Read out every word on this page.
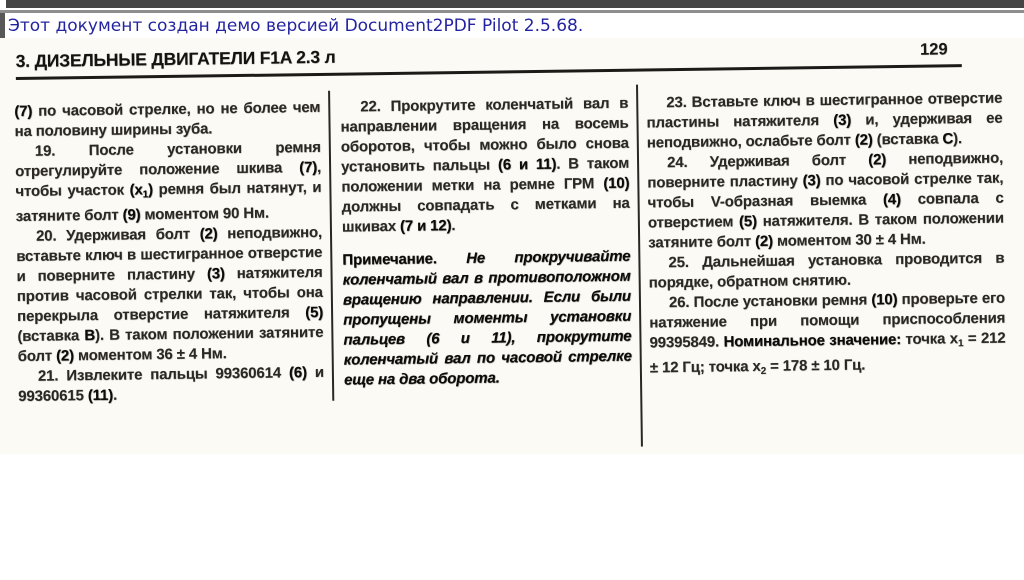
Этот документ создан демо версией Document2PDF Pilot 2.5.68.
3. ДИЗЕЛЬНЫЕ ДВИГАТЕЛИ F1A 2.3 л	129

(7) по часовой стрелке, но не более чем на половину ширины зуба.

19. После установки ремня отрегулируйте положение шкива (7), чтобы участок $(x_1)$ ремня был натянут, и затяните болт (9) моментом 90 Нм.

20. Удерживая болт (2) неподвижно, вставьте ключ в шестигранное отверстие и поверните пластину (3) натяжителя против часовой стрелки так, чтобы она перекрыла отверстие натяжителя (5) (вставка B). В таком положении затяните болт (2) моментом 36 ± 4 Нм.

21. Извлеките пальцы 99360614 (6) и 99360615 (11).

22. Прокрутите коленчатый вал в направлении вращения на восемь оборотов, чтобы можно было снова установить пальцы (6 и 11). В таком положении метки на ремне ГРМ (10) должны совпадать с метками на шкивах (7 и 12).

Примечание. Не прокручивайте коленчатый вал в противоположном вращению направлении. Если были пропущены моменты установки пальцев (6 и 11), прокрутите коленчатый вал по часовой стрелке еще на два оборота.

23. Вставьте ключ в шестигранное отверстие пластины натяжителя (3) и, удерживая ее неподвижно, ослабьте болт (2) (вставка C).

24. Удерживая болт (2) неподвижно, поверните пластину (3) по часовой стрелке так, чтобы V-образная выемка (4) совпала с отверстием (5) натяжителя. В таком положении затяните болт (2) моментом 30 ± 4 Нм.

25. Дальнейшая установка проводится в порядке, обратном снятию.

26. После установки ремня (10) проверьте его натяжение при помощи приспособления 99395849. Номинальное значение: точка $x_1 = 212 \pm 12$ Гц; точка $x_2 = 178 \pm 10$ Гц.
